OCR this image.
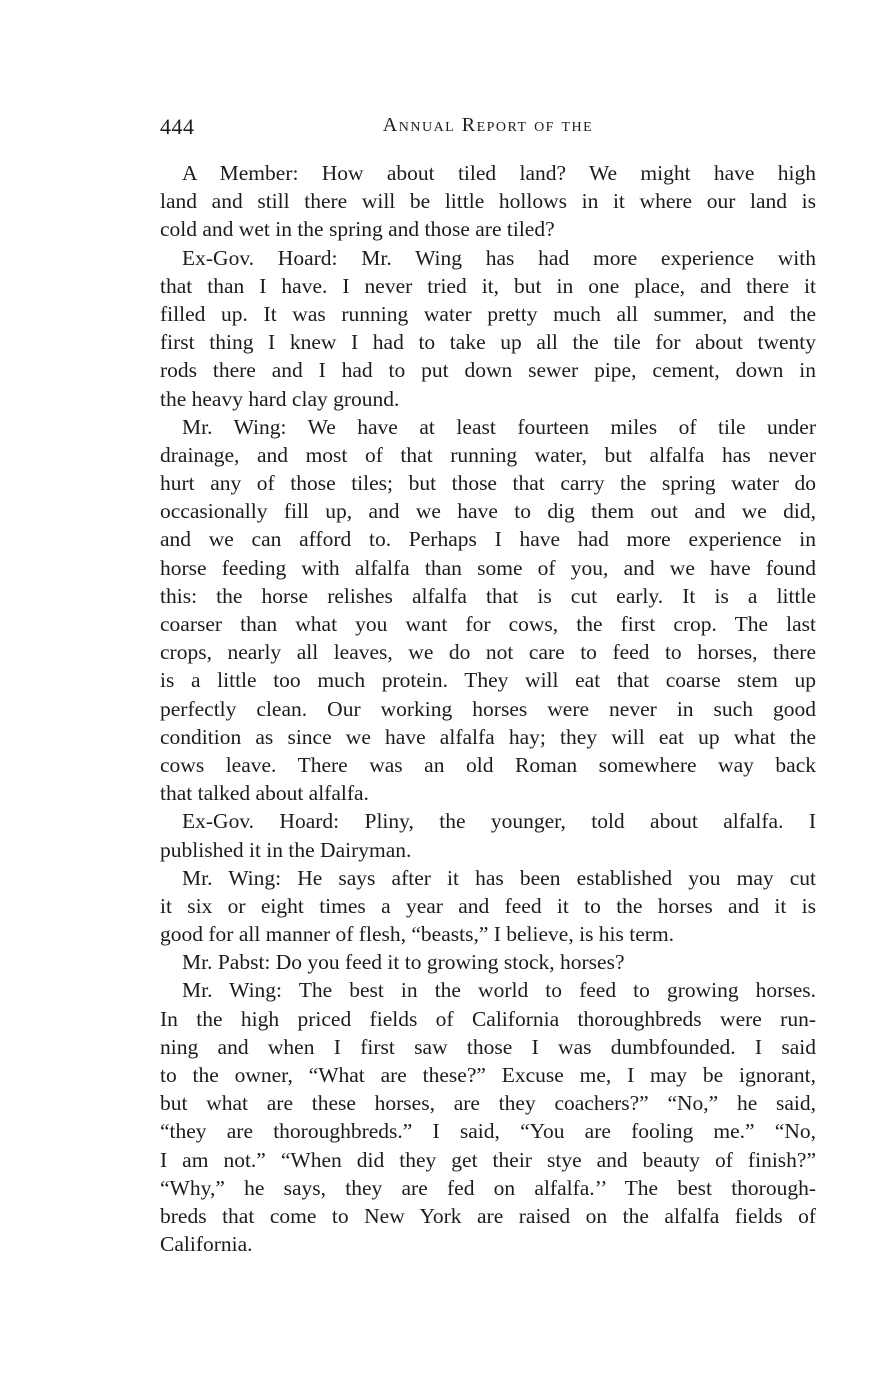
444	Annual Report of the
A Member: How about tiled land? We might have high
land and still there will be little hollows in it where our land is
cold and wet in the spring and those are tiled?
Ex-Gov. Hoard: Mr. Wing has had more experience with
that than I have. I never tried it, but in one place, and there it
filled up. It was running water pretty much all summer, and the
first thing I knew I had to take up all the tile for about twenty
rods there and I had to put down sewer pipe, cement, down in
the heavy hard clay ground.
Mr. Wing: We have at least fourteen miles of tile under
drainage, and most of that running water, but alfalfa has never
hurt any of those tiles; but those that carry the spring water do
occasionally fill up, and we have to dig them out and we did,
and we can afford to. Perhaps I have had more experience in
horse feeding with alfalfa than some of you, and we have found
this: the horse relishes alfalfa that is cut early. It is a little
coarser than what you want for cows, the first crop. The last
crops, nearly all leaves, we do not care to feed to horses, there
is a little too much protein. They will eat that coarse stem up
perfectly clean. Our working horses were never in such good
condition as since we have alfalfa hay; they will eat up what the
cows leave. There was an old Roman somewhere way back
that talked about alfalfa.
Ex-Gov. Hoard: Pliny, the younger, told about alfalfa. I
published it in the Dairyman.
Mr. Wing: He says after it has been established you may cut
it six or eight times a year and feed it to the horses and it is
good for all manner of flesh, “beasts,” I believe, is his term.
Mr. Pabst: Do you feed it to growing stock, horses?
Mr. Wing: The best in the world to feed to growing horses.
In the high priced fields of California thoroughbreds were run-
ning and when I first saw those I was dumbfounded. I said
to the owner, “What are these?” Excuse me, I may be ignorant,
but what are these horses, are they coachers?” “No,” he said,
“they are thoroughbreds.” I said, “You are fooling me.” “No,
I am not.” “When did they get their stye and beauty of finish?”
“Why,” he says, they are fed on alfalfa.’’ The best thorough-
breds that come to New York are raised on the alfalfa fields of
California.
